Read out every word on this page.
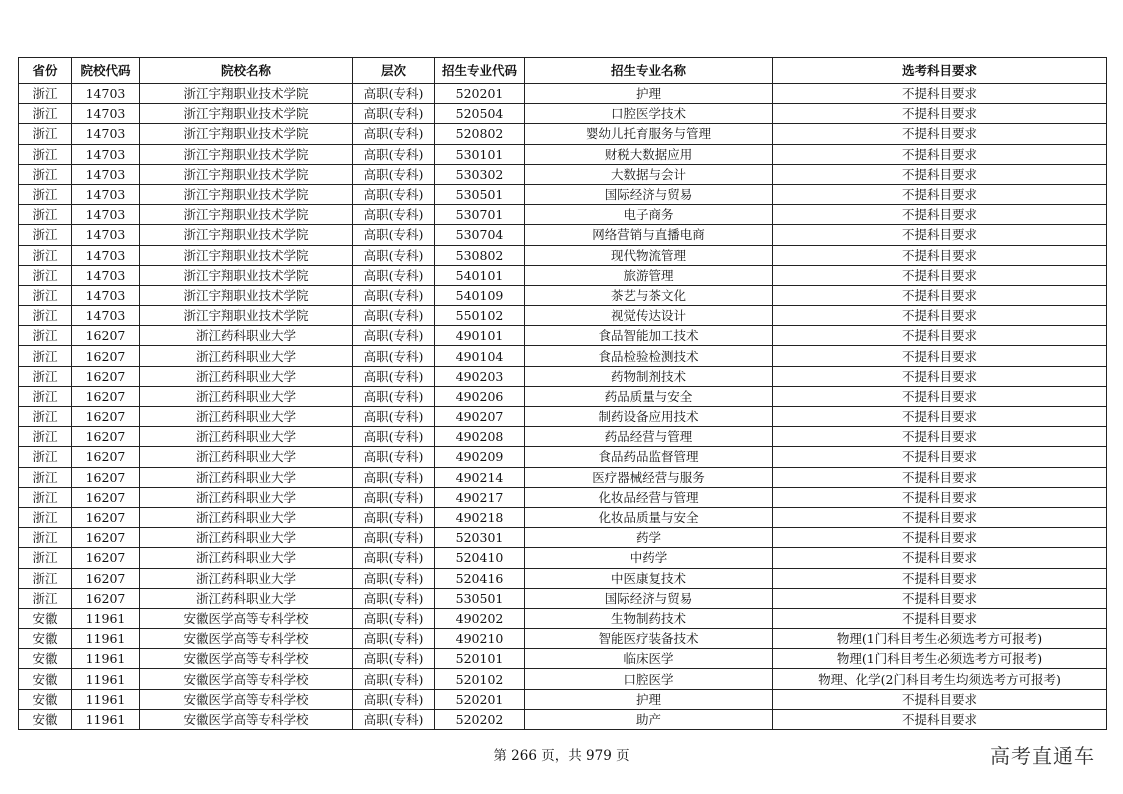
省份	院校代码	院校名称	层次	招生专业代码	招生专业名称	选考科目要求
浙江	14703	浙江宇翔职业技术学院	高职(专科)	520201	护理	不提科目要求
浙江	14703	浙江宇翔职业技术学院	高职(专科)	520504	口腔医学技术	不提科目要求
浙江	14703	浙江宇翔职业技术学院	高职(专科)	520802	婴幼儿托育服务与管理	不提科目要求
浙江	14703	浙江宇翔职业技术学院	高职(专科)	530101	财税大数据应用	不提科目要求
浙江	14703	浙江宇翔职业技术学院	高职(专科)	530302	大数据与会计	不提科目要求
浙江	14703	浙江宇翔职业技术学院	高职(专科)	530501	国际经济与贸易	不提科目要求
浙江	14703	浙江宇翔职业技术学院	高职(专科)	530701	电子商务	不提科目要求
浙江	14703	浙江宇翔职业技术学院	高职(专科)	530704	网络营销与直播电商	不提科目要求
浙江	14703	浙江宇翔职业技术学院	高职(专科)	530802	现代物流管理	不提科目要求
浙江	14703	浙江宇翔职业技术学院	高职(专科)	540101	旅游管理	不提科目要求
浙江	14703	浙江宇翔职业技术学院	高职(专科)	540109	茶艺与茶文化	不提科目要求
浙江	14703	浙江宇翔职业技术学院	高职(专科)	550102	视觉传达设计	不提科目要求
浙江	16207	浙江药科职业大学	高职(专科)	490101	食品智能加工技术	不提科目要求
浙江	16207	浙江药科职业大学	高职(专科)	490104	食品检验检测技术	不提科目要求
浙江	16207	浙江药科职业大学	高职(专科)	490203	药物制剂技术	不提科目要求
浙江	16207	浙江药科职业大学	高职(专科)	490206	药品质量与安全	不提科目要求
浙江	16207	浙江药科职业大学	高职(专科)	490207	制药设备应用技术	不提科目要求
浙江	16207	浙江药科职业大学	高职(专科)	490208	药品经营与管理	不提科目要求
浙江	16207	浙江药科职业大学	高职(专科)	490209	食品药品监督管理	不提科目要求
浙江	16207	浙江药科职业大学	高职(专科)	490214	医疗器械经营与服务	不提科目要求
浙江	16207	浙江药科职业大学	高职(专科)	490217	化妆品经营与管理	不提科目要求
浙江	16207	浙江药科职业大学	高职(专科)	490218	化妆品质量与安全	不提科目要求
浙江	16207	浙江药科职业大学	高职(专科)	520301	药学	不提科目要求
浙江	16207	浙江药科职业大学	高职(专科)	520410	中药学	不提科目要求
浙江	16207	浙江药科职业大学	高职(专科)	520416	中医康复技术	不提科目要求
浙江	16207	浙江药科职业大学	高职(专科)	530501	国际经济与贸易	不提科目要求
安徽	11961	安徽医学高等专科学校	高职(专科)	490202	生物制药技术	不提科目要求
安徽	11961	安徽医学高等专科学校	高职(专科)	490210	智能医疗装备技术	物理(1门科目考生必须选考方可报考)
安徽	11961	安徽医学高等专科学校	高职(专科)	520101	临床医学	物理(1门科目考生必须选考方可报考)
安徽	11961	安徽医学高等专科学校	高职(专科)	520102	口腔医学	物理、化学(2门科目考生均须选考方可报考)
安徽	11961	安徽医学高等专科学校	高职(专科)	520201	护理	不提科目要求
安徽	11961	安徽医学高等专科学校	高职(专科)	520202	助产	不提科目要求
第 266 页，共 979 页	高考直通车
